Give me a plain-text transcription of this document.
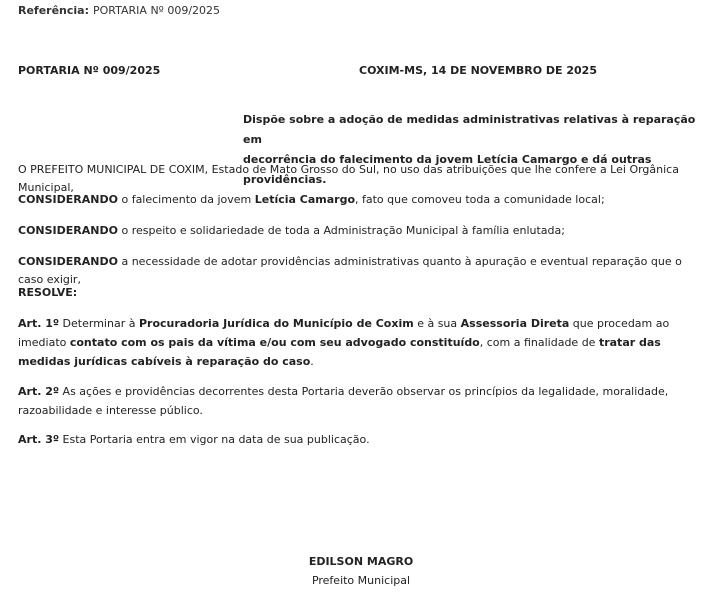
Referência: PORTARIA Nº 009/2025
PORTARIA Nº 009/2025	COXIM-MS, 14 DE NOVEMBRO DE 2025
Dispõe sobre a adoção de medidas administrativas relativas à reparação em
decorrência do falecimento da jovem Letícia Camargo e dá outras providências.
O PREFEITO MUNICIPAL DE COXIM, Estado de Mato Grosso do Sul, no uso das atribuições que lhe confere a Lei Orgânica Municipal,
CONSIDERANDO o falecimento da jovem Letícia Camargo, fato que comoveu toda a comunidade local;
CONSIDERANDO o respeito e solidariedade de toda a Administração Municipal à família enlutada;
CONSIDERANDO a necessidade de adotar providências administrativas quanto à apuração e eventual reparação que o caso exigir,
RESOLVE:
Art. 1º Determinar à Procuradoria Jurídica do Município de Coxim e à sua Assessoria Direta que procedam ao imediato contato com os pais da vítima e/ou com seu advogado constituído, com a finalidade de tratar das medidas jurídicas cabíveis à reparação do caso.
Art. 2º As ações e providências decorrentes desta Portaria deverão observar os princípios da legalidade, moralidade, razoabilidade e interesse público.
Art. 3º Esta Portaria entra em vigor na data de sua publicação.
EDILSON MAGRO
Prefeito Municipal
